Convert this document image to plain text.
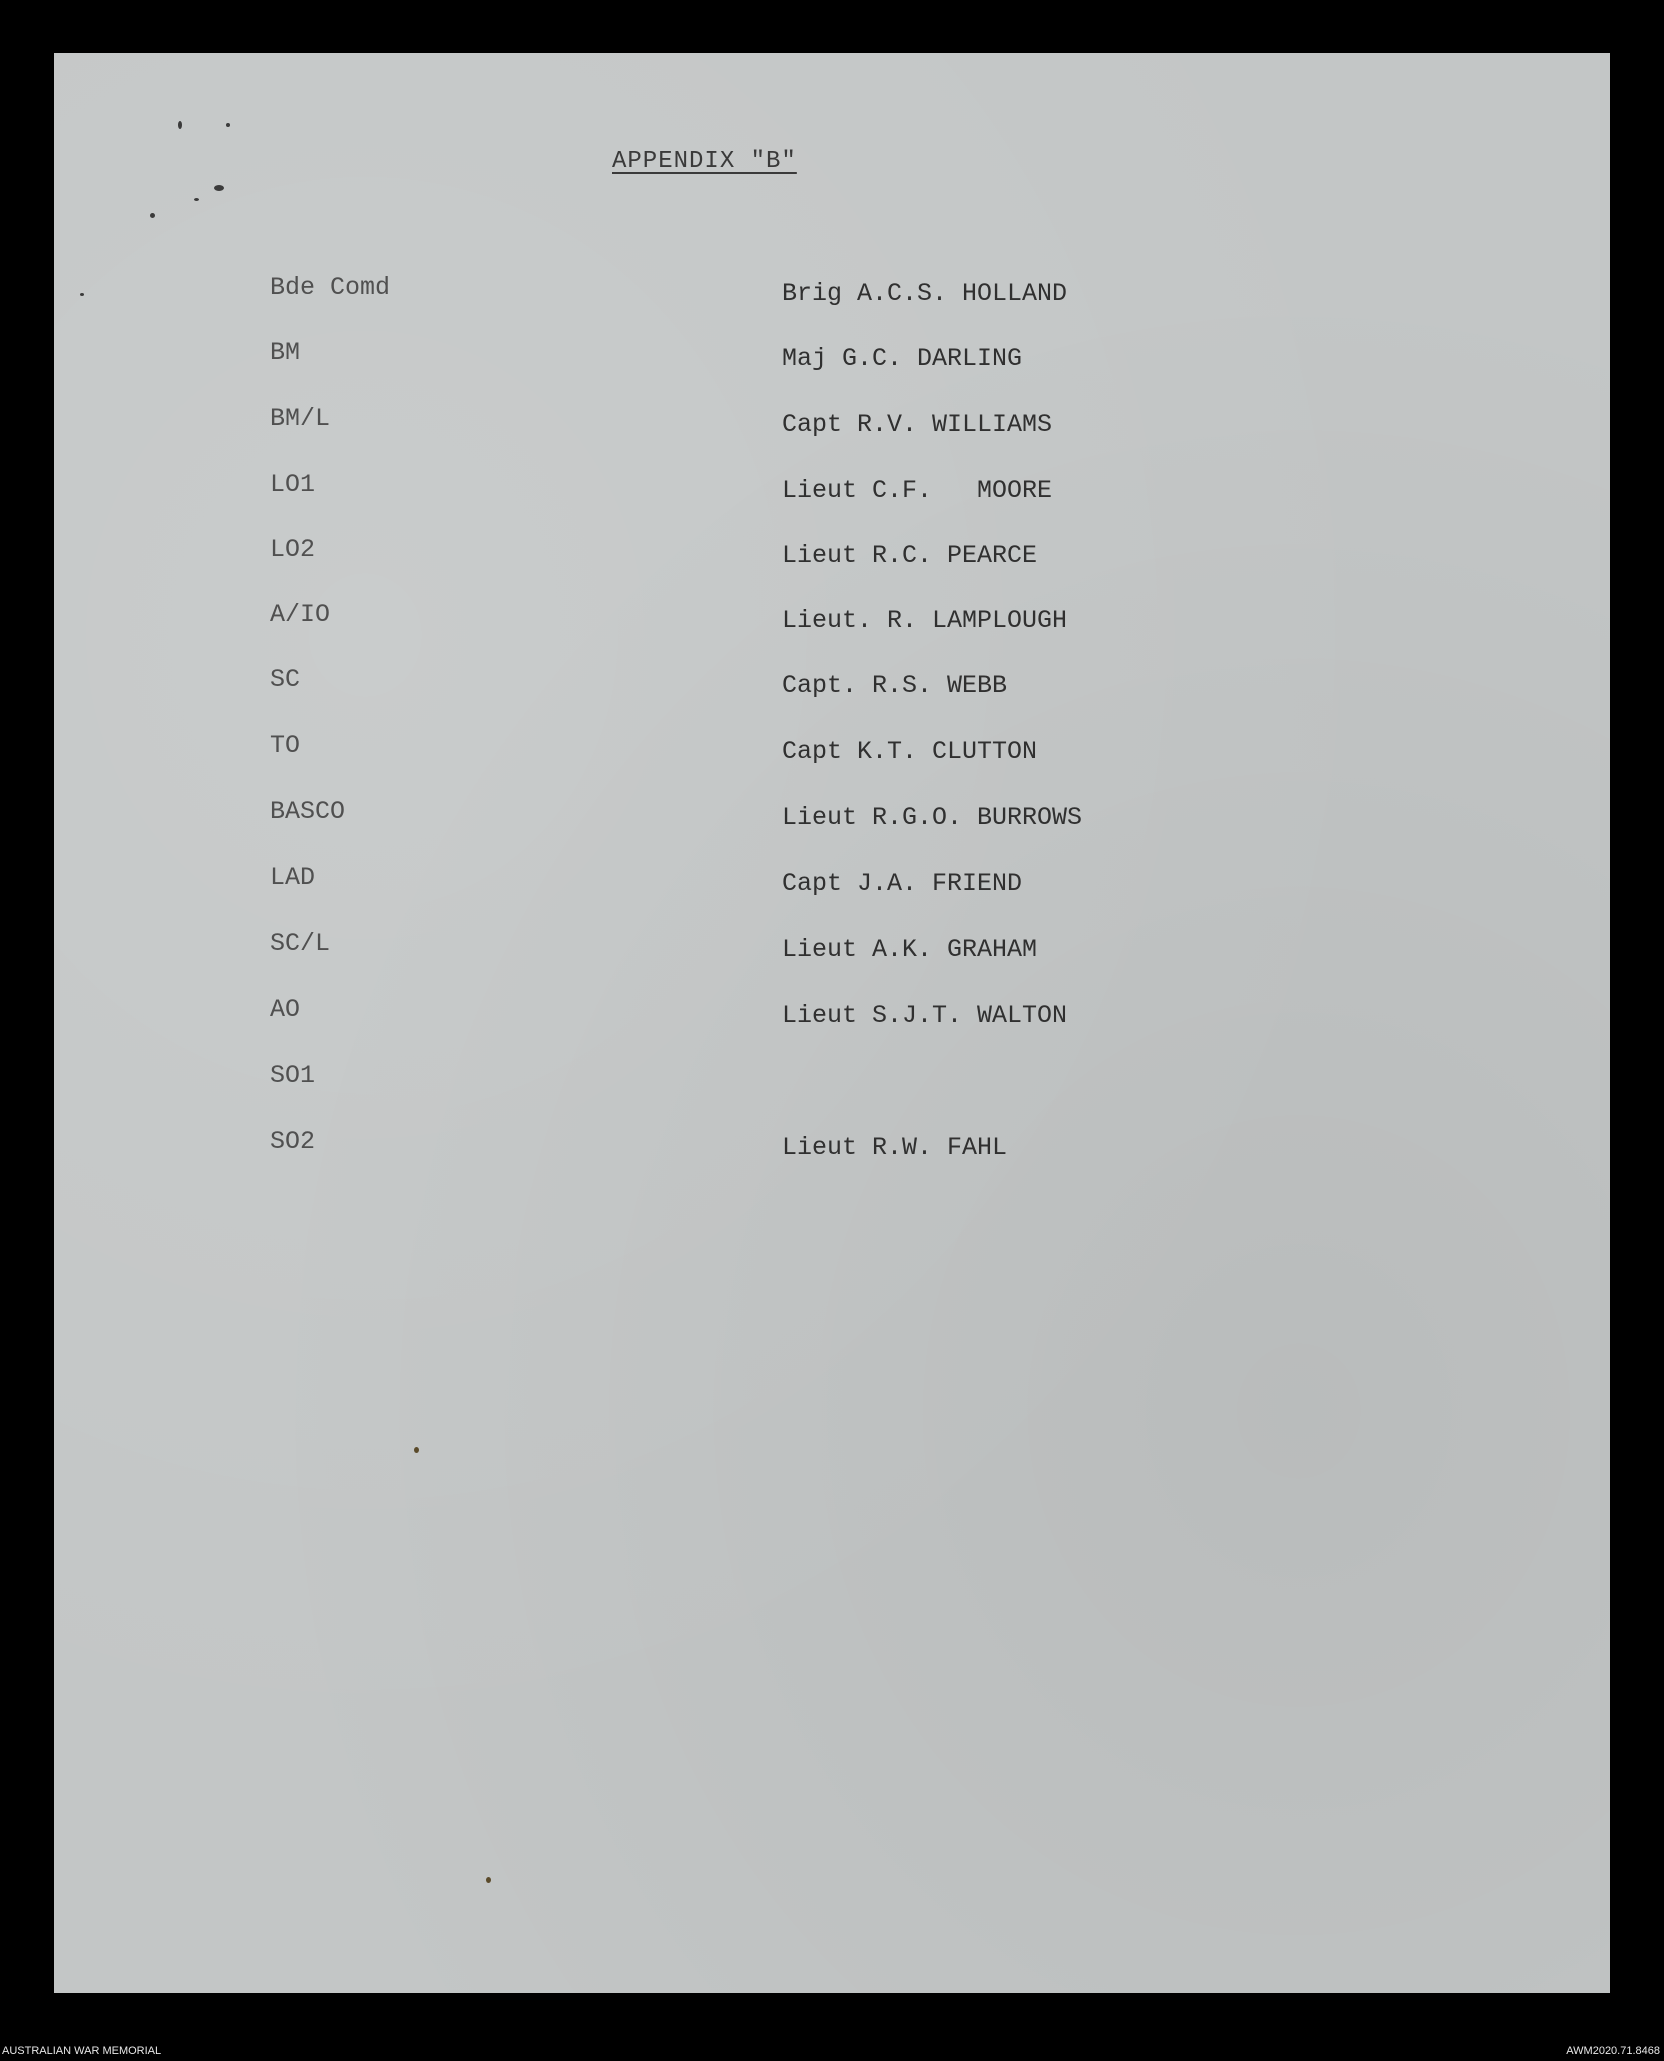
APPENDIX "B"
Bde Comd	Brig A.C.S. HOLLAND
BM	Maj G.C. DARLING
BM/L	Capt R.V. WILLIAMS
LO1	Lieut C.F.   MOORE
LO2	Lieut R.C. PEARCE
A/IO	Lieut. R. LAMPLOUGH
SC	Capt. R.S. WEBB
TO	Capt K.T. CLUTTON
BASCO	Lieut R.G.O. BURROWS
LAD	Capt J.A. FRIEND
SC/L	Lieut A.K. GRAHAM
AO	Lieut S.J.T. WALTON
SO1
SO2	Lieut R.W. FAHL
AUSTRALIAN WAR MEMORIAL	AWM2020.71.8468
